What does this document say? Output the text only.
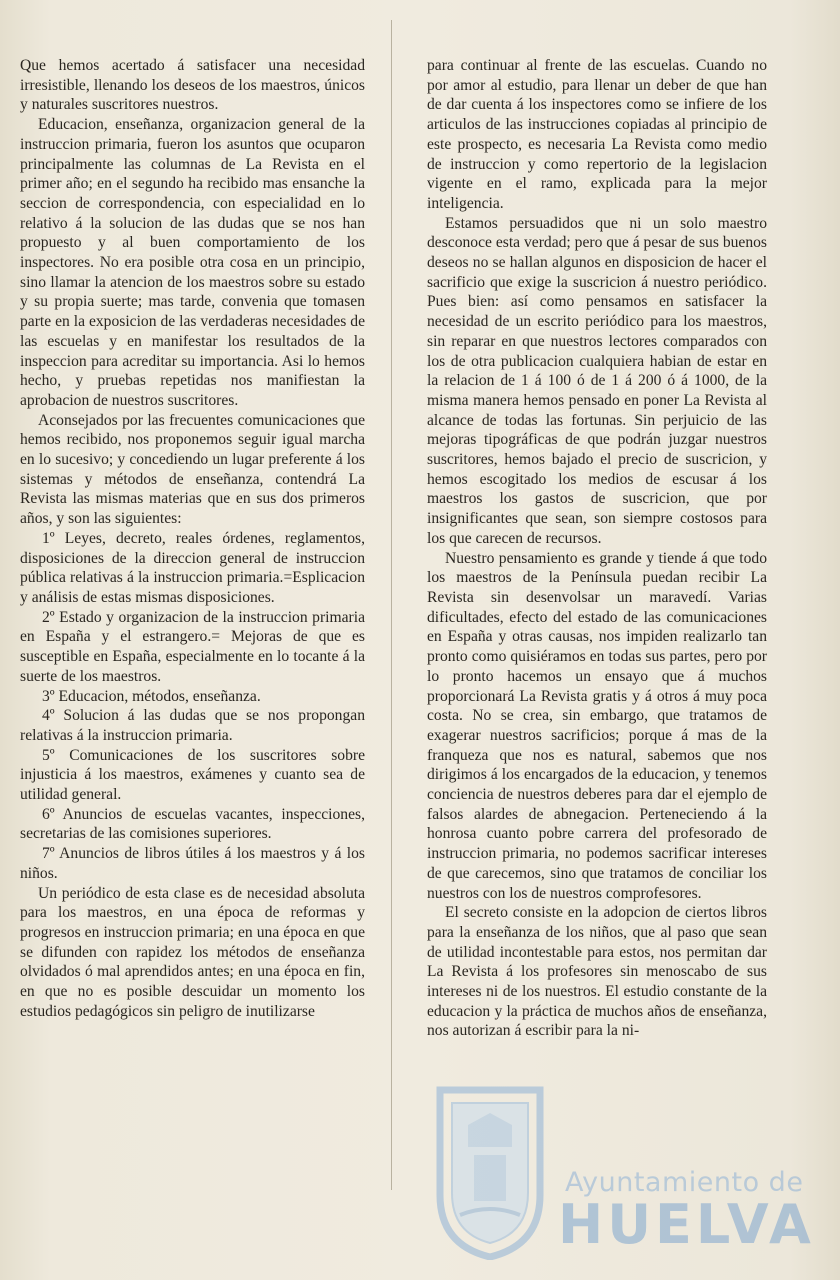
Que hemos acertado á satisfacer una necesidad irresistible, llenando los deseos de los maestros, únicos y naturales suscritores nuestros.

Educacion, enseñanza, organizacion general de la instruccion primaria, fueron los asuntos que ocuparon principalmente las columnas de La Revista en el primer año; en el segundo ha recibido mas ensanche la seccion de correspondencia, con especialidad en lo relativo á la solucion de las dudas que se nos han propuesto y al buen comportamiento de los inspectores. No era posible otra cosa en un principio, sino llamar la atencion de los maestros sobre su estado y su propia suerte; mas tarde, convenia que tomasen parte en la exposicion de las verdaderas necesidades de las escuelas y en manifestar los resultados de la inspeccion para acreditar su importancia. Asi lo hemos hecho, y pruebas repetidas nos manifiestan la aprobacion de nuestros suscritores.

Aconsejados por las frecuentes comunicaciones que hemos recibido, nos proponemos seguir igual marcha en lo sucesivo; y concediendo un lugar preferente á los sistemas y métodos de enseñanza, contendrá La Revista las mismas materias que en sus dos primeros años, y son las siguientes:

1º Leyes, decreto, reales órdenes, reglamentos, disposiciones de la direccion general de instruccion pública relativas á la instruccion primaria.=Esplicacion y análisis de estas mismas disposiciones.

2º Estado y organizacion de la instruccion primaria en España y el estrangero.= Mejoras de que es susceptible en España, especialmente en lo tocante á la suerte de los maestros.

3º Educacion, métodos, enseñanza.

4º Solucion á las dudas que se nos propongan relativas á la instruccion primaria.

5º Comunicaciones de los suscritores sobre injusticia á los maestros, exámenes y cuanto sea de utilidad general.

6º Anuncios de escuelas vacantes, inspecciones, secretarias de las comisiones superiores.

7º Anuncios de libros útiles á los maestros y á los niños.

Un periódico de esta clase es de necesidad absoluta para los maestros, en una época de reformas y progresos en instruccion primaria; en una época en que se difunden con rapidez los métodos de enseñanza olvidados ó mal aprendidos antes; en una época en fin, en que no es posible descuidar un momento los estudios pedagógicos sin peligro de inutilizarse

para continuar al frente de las escuelas. Cuando no por amor al estudio, para llenar un deber de que han de dar cuenta á los inspectores como se infiere de los articulos de las instrucciones copiadas al principio de este prospecto, es necesaria La Revista como medio de instruccion y como repertorio de la legislacion vigente en el ramo, explicada para la mejor inteligencia.

Estamos persuadidos que ni un solo maestro desconoce esta verdad; pero que á pesar de sus buenos deseos no se hallan algunos en disposicion de hacer el sacrificio que exige la suscricion á nuestro periódico. Pues bien: así como pensamos en satisfacer la necesidad de un escrito periódico para los maestros, sin reparar en que nuestros lectores comparados con los de otra publicacion cualquiera habian de estar en la relacion de 1 á 100 ó de 1 á 200 ó á 1000, de la misma manera hemos pensado en poner La Revista al alcance de todas las fortunas. Sin perjuicio de las mejoras tipográficas de que podrán juzgar nuestros suscritores, hemos bajado el precio de suscricion, y hemos escogitado los medios de escusar á los maestros los gastos de suscricion, que por insignificantes que sean, son siempre costosos para los que carecen de recursos.

Nuestro pensamiento es grande y tiende á que todo los maestros de la Península puedan recibir La Revista sin desenvolsar un maravedí. Varias dificultades, efecto del estado de las comunicaciones en España y otras causas, nos impiden realizarlo tan pronto como quisiéramos en todas sus partes, pero por lo pronto hacemos un ensayo que á muchos proporcionará La Revista gratis y á otros á muy poca costa. No se crea, sin embargo, que tratamos de exagerar nuestros sacrificios; porque á mas de la franqueza que nos es natural, sabemos que nos dirigimos á los encargados de la educacion, y tenemos conciencia de nuestros deberes para dar el ejemplo de falsos alardes de abnegacion. Perteneciendo á la honrosa cuanto pobre carrera del profesorado de instruccion primaria, no podemos sacrificar intereses de que carecemos, sino que tratamos de conciliar los nuestros con los de nuestros comprofesores.

El secreto consiste en la adopcion de ciertos libros para la enseñanza de los niños, que al paso que sean de utilidad incontestable para estos, nos permitan dar La Revista á los profesores sin menoscabo de sus intereses ni de los nuestros. El estudio constante de la educacion y la práctica de muchos años de enseñanza, nos autorizan á escribir para la ni-

Ayuntamiento de
HUELVA
